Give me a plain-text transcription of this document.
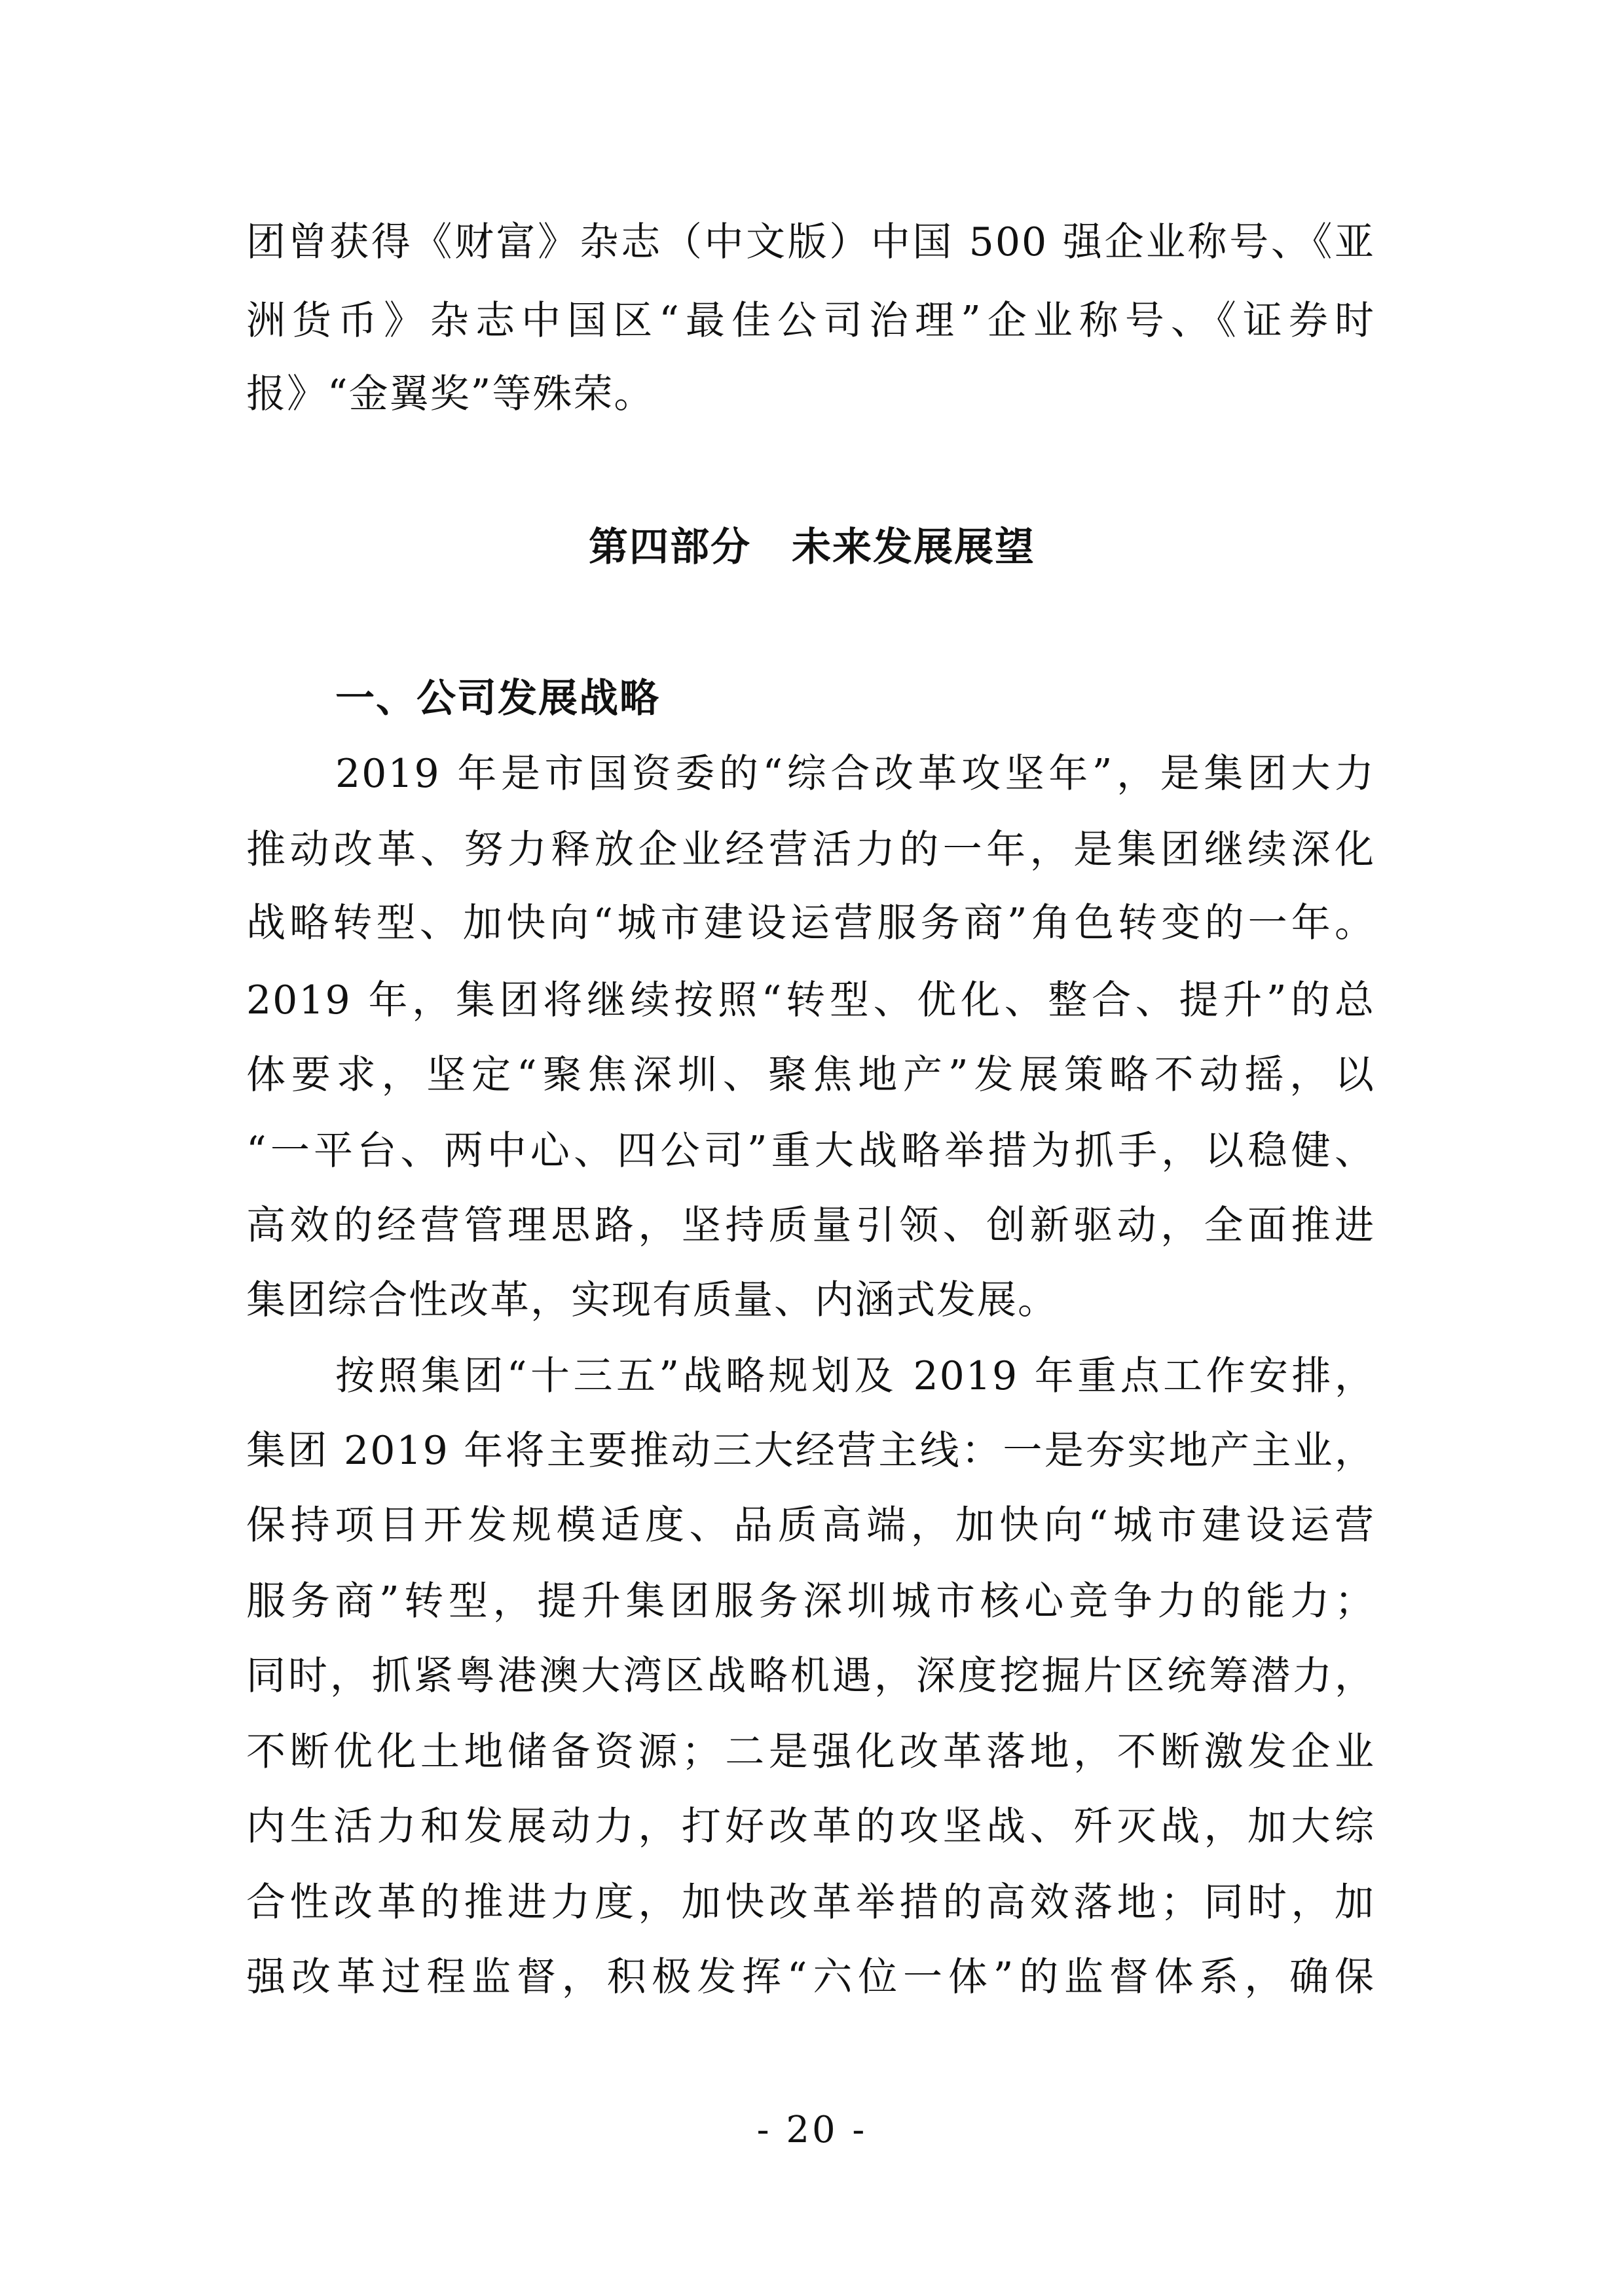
团曾获得《财富》杂志（中文版）中国 500 强企业称号、《亚
洲货币》杂志中国区“最佳公司治理”企业称号、《证券时
报》“金翼奖”等殊荣。
第四部分　未来发展展望
一、公司发展战略
2019 年是市国资委的“综合改革攻坚年”，是集团大力
推动改革、努力释放企业经营活力的一年，是集团继续深化
战略转型、加快向“城市建设运营服务商”角色转变的一年。
2019 年，集团将继续按照“转型、优化、整合、提升”的总
体要求，坚定“聚焦深圳、聚焦地产”发展策略不动摇，以
“一平台、两中心、四公司”重大战略举措为抓手，以稳健、
高效的经营管理思路，坚持质量引领、创新驱动，全面推进
集团综合性改革，实现有质量、内涵式发展。
按照集团“十三五”战略规划及 2019 年重点工作安排，
集团 2019 年将主要推动三大经营主线：一是夯实地产主业，
保持项目开发规模适度、品质高端，加快向“城市建设运营
服务商”转型，提升集团服务深圳城市核心竞争力的能力；
同时，抓紧粤港澳大湾区战略机遇，深度挖掘片区统筹潜力，
不断优化土地储备资源；二是强化改革落地，不断激发企业
内生活力和发展动力，打好改革的攻坚战、歼灭战，加大综
合性改革的推进力度，加快改革举措的高效落地；同时，加
强改革过程监督，积极发挥“六位一体”的监督体系，确保
- 20 -
